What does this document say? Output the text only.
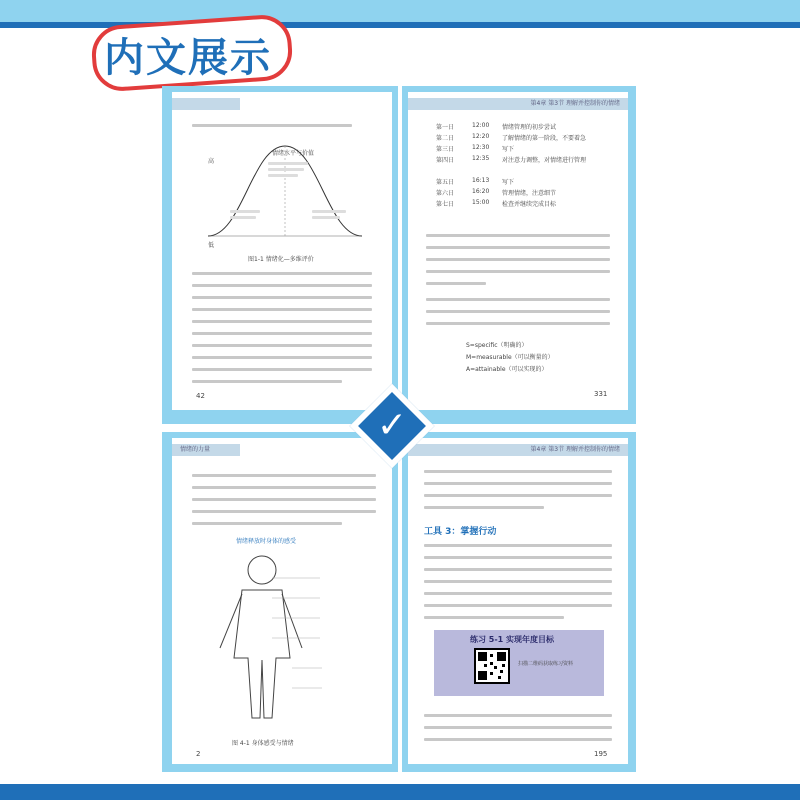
内文展示
情绪水平与价值
高
低
图1-1 情绪化—多维评价
42
第4章 第3节 理解并控制你的情绪
第一日	12:00 情绪管理的初步尝试
第二日	12:20 了解情绪的第一阶段，不要着急
第三日	12:30 写下
第四日	12:35 对注意力调整，对情绪进行管理
第五日	16:13 写下
第六日	16:20 管理情绪，注意细节
第七日	15:00 检查并继续完成目标
S=specific（明确的）
M=measurable（可以衡量的）
A=attainable（可以实现的）
331
情绪的力量
情绪释放时身体的感受
图 4-1 身体感受与情绪
2
第4章 第3节 理解并控制你的情绪
工具 3：掌握行动
练习 5-1 实现年度目标
扫描二维码获取练习资料
195
✓
